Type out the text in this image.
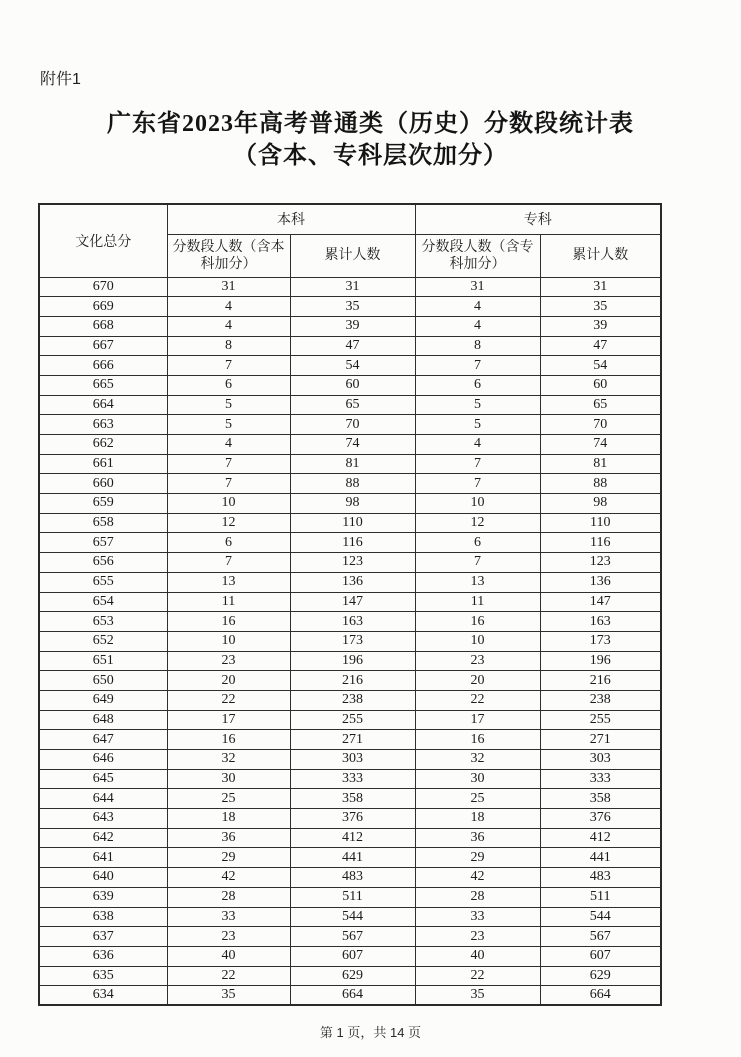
附件1
广东省2023年高考普通类（历史）分数段统计表
（含本、专科层次加分）
文化总分	本科		专科	
	分数段人数（含本科加分）	累计人数	分数段人数（含专科加分）	累计人数
670	31	31	31	31
669	4	35	4	35
668	4	39	4	39
667	8	47	8	47
666	7	54	7	54
665	6	60	6	60
664	5	65	5	65
663	5	70	5	70
662	4	74	4	74
661	7	81	7	81
660	7	88	7	88
659	10	98	10	98
658	12	110	12	110
657	6	116	6	116
656	7	123	7	123
655	13	136	13	136
654	11	147	11	147
653	16	163	16	163
652	10	173	10	173
651	23	196	23	196
650	20	216	20	216
649	22	238	22	238
648	17	255	17	255
647	16	271	16	271
646	32	303	32	303
645	30	333	30	333
644	25	358	25	358
643	18	376	18	376
642	36	412	36	412
641	29	441	29	441
640	42	483	42	483
639	28	511	28	511
638	33	544	33	544
637	23	567	23	567
636	40	607	40	607
635	22	629	22	629
634	35	664	35	664
第 1 页，共 14 页
